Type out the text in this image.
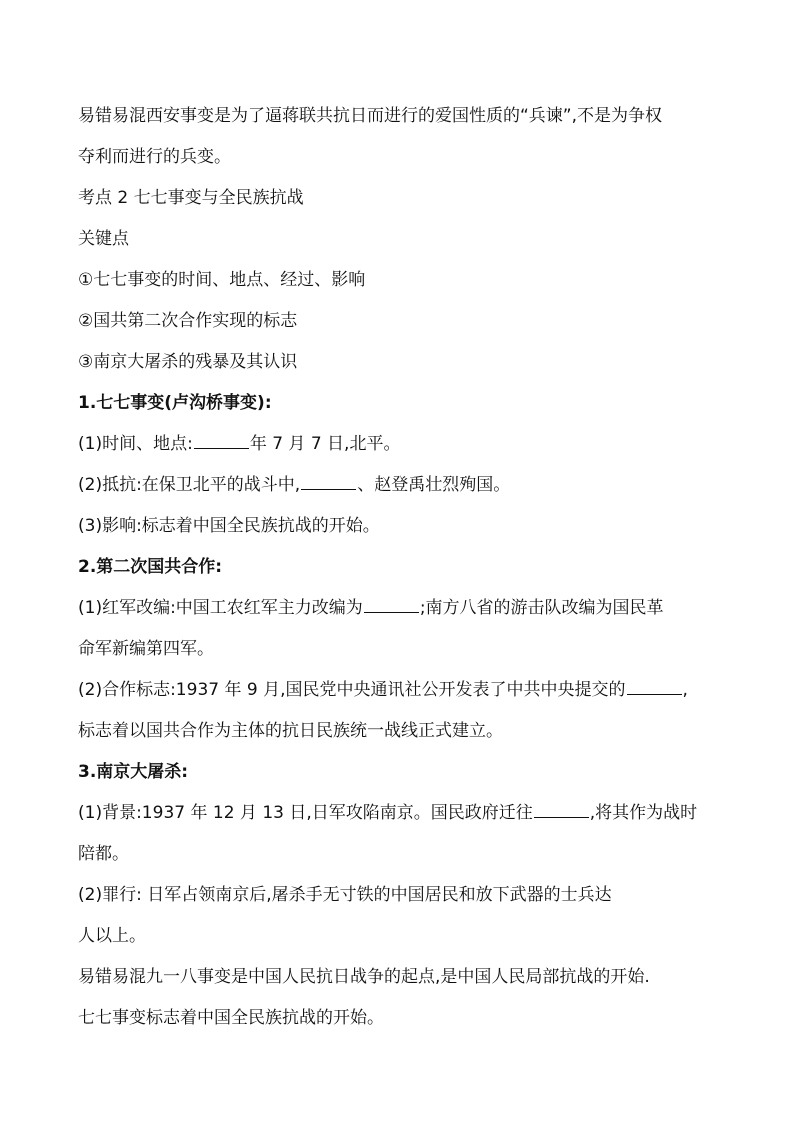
易错易混西安事变是为了逼蒋联共抗日而进行的爱国性质的“兵谏”,不是为争权
夺利而进行的兵变。
考点 2 七七事变与全民族抗战
关键点
①七七事变的时间、地点、经过、影响
②国共第二次合作实现的标志
③南京大屠杀的残暴及其认识
1.七七事变(卢沟桥事变):
(1)时间、地点:	年 7 月 7 日,北平。
(2)抵抗:在保卫北平的战斗中,	、赵登禹壮烈殉国。
(3)影响:标志着中国全民族抗战的开始。
2.第二次国共合作:
(1)红军改编:中国工农红军主力改编为	;南方八省的游击队改编为国民革
命军新编第四军。
(2)合作标志:1937 年 9 月,国民党中央通讯社公开发表了中共中央提交的	,
标志着以国共合作为主体的抗日民族统一战线正式建立。
3.南京大屠杀:
(1)背景:1937 年 12 月 13 日,日军攻陷南京。国民政府迁往	,将其作为战时
陪都。
(2)罪行: 日军占领南京后,屠杀手无寸铁的中国居民和放下武器的士兵达
人以上。
易错易混九一八事变是中国人民抗日战争的起点,是中国人民局部抗战的开始.
七七事变标志着中国全民族抗战的开始。
